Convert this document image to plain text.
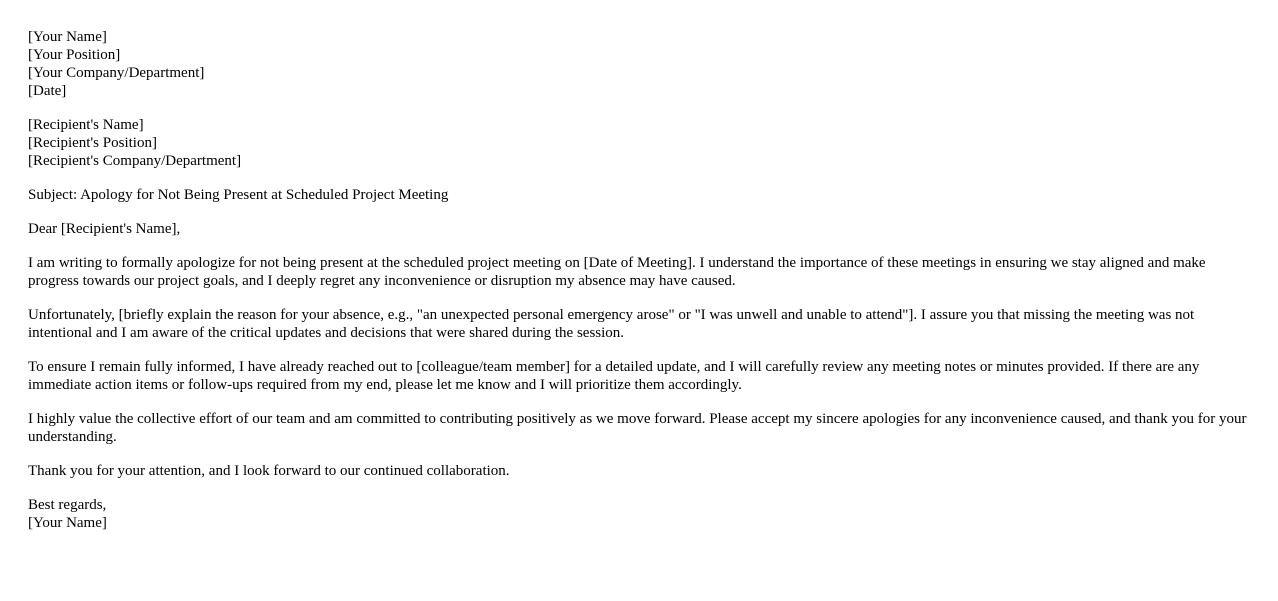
[Your Name]
[Your Position]
[Your Company/Department]
[Date]
[Recipient's Name]
[Recipient's Position]
[Recipient's Company/Department]

Subject: Apology for Not Being Present at Scheduled Project Meeting

Dear [Recipient's Name],

I am writing to formally apologize for not being present at the scheduled project meeting on [Date of Meeting]. I understand the importance of these meetings in ensuring we stay aligned and make progress towards our project goals, and I deeply regret any inconvenience or disruption my absence may have caused.

Unfortunately, [briefly explain the reason for your absence, e.g., "an unexpected personal emergency arose" or "I was unwell and unable to attend"]. I assure you that missing the meeting was not intentional and I am aware of the critical updates and decisions that were shared during the session.

To ensure I remain fully informed, I have already reached out to [colleague/team member] for a detailed update, and I will carefully review any meeting notes or minutes provided. If there are any immediate action items or follow-ups required from my end, please let me know and I will prioritize them accordingly.

I highly value the collective effort of our team and am committed to contributing positively as we move forward. Please accept my sincere apologies for any inconvenience caused, and thank you for your understanding.

Thank you for your attention, and I look forward to our continued collaboration.

Best regards,
[Your Name]
